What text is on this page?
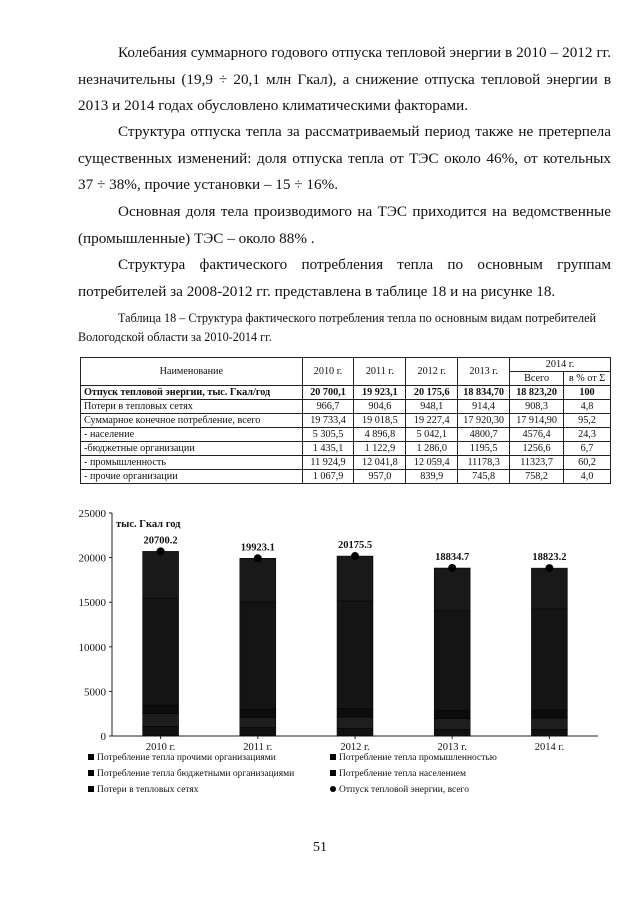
Колебания суммарного годового отпуска тепловой энергии в 2010 – 2012 гг. незначительны (19,9 ÷ 20,1 млн Гкал), а снижение отпуска тепловой энергии в 2013 и 2014 годах обусловлено климатическими факторами.

Структура отпуска тепла за рассматриваемый период также не претерпела существенных изменений: доля отпуска тепла от ТЭС около 46%, от котельных 37 ÷ 38%, прочие установки – 15 ÷ 16%.

Основная доля тела производимого на ТЭС приходится на ведомственные (промышленные) ТЭС – около 88% .

Структура фактического потребления тепла по основным группам потребителей за 2008-2012 гг. представлена в таблице 18 и на рисунке 18.

Таблица 18 – Структура фактического потребления тепла по основным видам потребителей Вологодской области за 2010-2014 гг.

Наименование	2010 г.	2011 г.	2012 г.	2013 г.	2014 г.	
					Всего	в % от Σ
Отпуск тепловой энергии, тыс. Гкал/год	20 700,1	19 923,1	20 175,6	18 834,70	18 823,20	100
Потери в тепловых сетях	966,7	904,6	948,1	914,4	908,3	4,8
Суммарное конечное потребление, всего	19 733,4	19 018,5	19 227,4	17 920,30	17 914,90	95,2
- население	5 305,5	4 896,8	5 042,1	4800,7	4576,4	24,3
-бюджетные организации	1 435,1	1 122,9	1 286,0	1195,5	1256,6	6,7
- промышленность	11 924,9	12 041,8	12 059,4	11178,3	11323,7	60,2
- прочие организации	1 067,9	957,0	839,9	745,8	758,2	4,0
0
5000
10000
15000
20000
25000
тыс. Гкал год
2010 г.
20700.2
2011 г.
19923.1
2012 г.
20175.5
2013 г.
18834.7
2014 г.
18823.2
Потребление тепла прочими организациями	Потребление тепла промышленностью
Потребление тепла бюджетными организациями	Потребление тепла населением
Потери в тепловых сетях	Отпуск тепловой энергии, всего
51
